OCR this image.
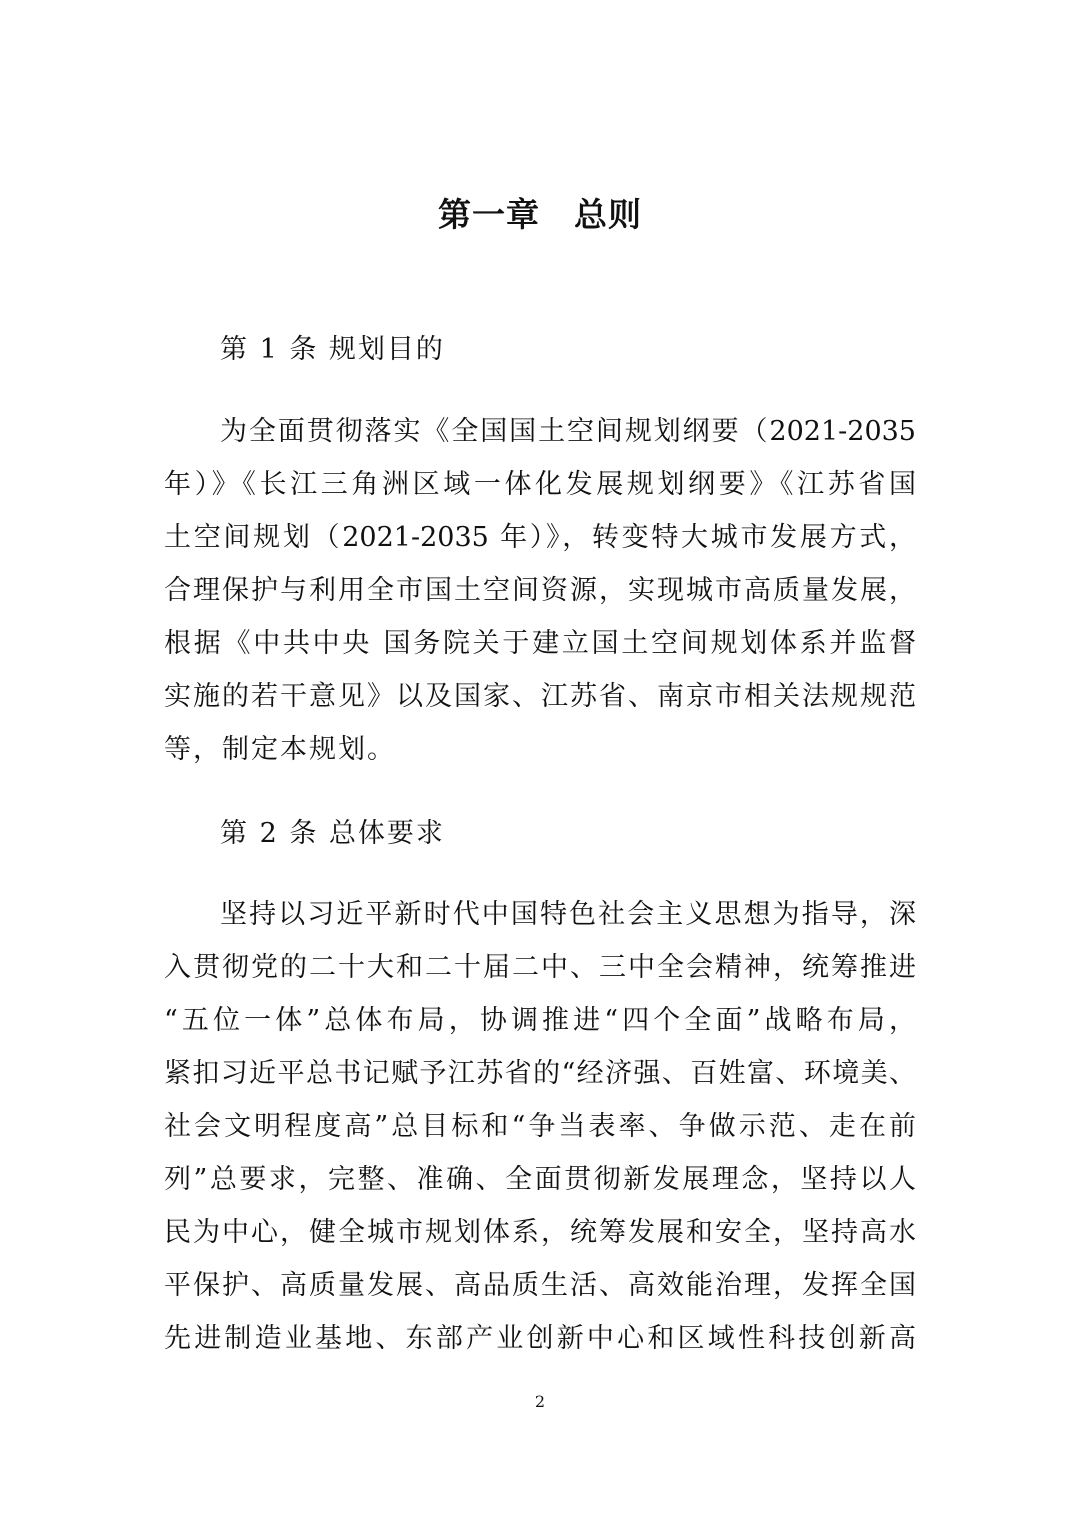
第一章　总则
第 1 条 规划目的
为全面贯彻落实《全国国土空间规划纲要（2021-2035
年）》《长江三角洲区域一体化发展规划纲要》《江苏省国
土空间规划（2021-2035 年）》，转变特大城市发展方式，
合理保护与利用全市国土空间资源，实现城市高质量发展，
根据《中共中央 国务院关于建立国土空间规划体系并监督
实施的若干意见》以及国家、江苏省、南京市相关法规规范
等，制定本规划。
第 2 条 总体要求
坚持以习近平新时代中国特色社会主义思想为指导，深
入贯彻党的二十大和二十届二中、三中全会精神，统筹推进
“五位一体”总体布局，协调推进“四个全面”战略布局，
紧扣习近平总书记赋予江苏省的“经济强、百姓富、环境美、
社会文明程度高”总目标和“争当表率、争做示范、走在前
列”总要求，完整、准确、全面贯彻新发展理念，坚持以人
民为中心，健全城市规划体系，统筹发展和安全，坚持高水
平保护、高质量发展、高品质生活、高效能治理，发挥全国
先进制造业基地、东部产业创新中心和区域性科技创新高
2
